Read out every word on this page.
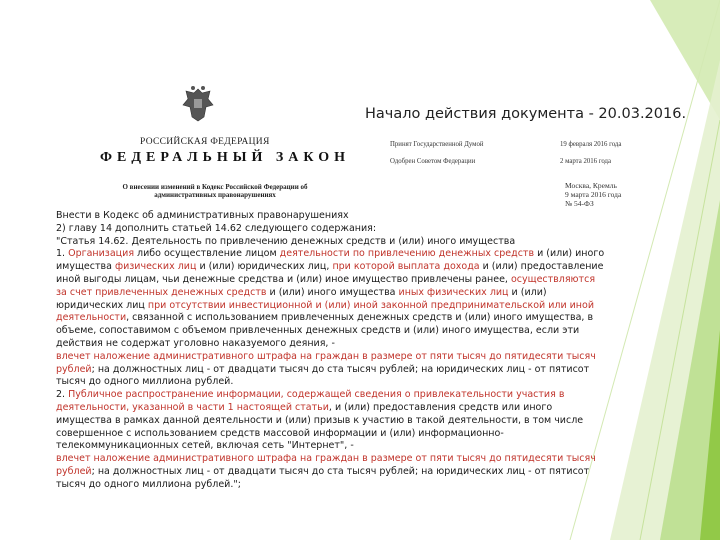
РОССИЙСКАЯ ФЕДЕРАЦИЯ
ФЕДЕРАЛЬНЫЙ ЗАКОН
О внесении изменений в Кодекс Российской Федерации об
административных правонарушениях
Начало действия документа - 20.03.2016.
Принят Государственной Думой	19 февраля 2016 года
Одобрен Советом Федерации	2 марта 2016 года
Москва, Кремль
9 марта 2016 года
№ 54-ФЗ

Внести в Кодекс об административных правонарушениях

2) главу 14 дополнить статьей 14.62 следующего содержания:

"Статья 14.62. Деятельность по привлечению денежных средств и (или) иного имущества

1. Организация либо осуществление лицом деятельности по привлечению денежных средств и (или) иного

имущества физических лиц и (или) юридических лиц, при которой выплата дохода и (или) предоставление

иной выгоды лицам, чьи денежные средства и (или) иное имущество привлечены ранее, осуществляются

за счет привлеченных денежных средств и (или) иного имущества иных физических лиц и (или)

юридических лиц при отсутствии инвестиционной и (или) иной законной предпринимательской или иной

деятельности, связанной с использованием привлеченных денежных средств и (или) иного имущества, в

объеме, сопоставимом с объемом привлеченных денежных средств и (или) иного имущества, если эти

действия не содержат уголовно наказуемого деяния, -

влечет наложение административного штрафа на граждан в размере от пяти тысяч до пятидесяти тысяч

рублей; на должностных лиц - от двадцати тысяч до ста тысяч рублей; на юридических лиц - от пятисот

тысяч до одного миллиона рублей.

2. Публичное распространение информации, содержащей сведения о привлекательности участия в

деятельности, указанной в части 1 настоящей статьи, и (или) предоставления средств или иного

имущества в рамках данной деятельности и (или) призыв к участию в такой деятельности, в том числе

совершенное с использованием средств массовой информации и (или) информационно-

телекоммуникационных сетей, включая сеть "Интернет", -

влечет наложение административного штрафа на граждан в размере от пяти тысяч до пятидесяти тысяч

рублей; на должностных лиц - от двадцати тысяч до ста тысяч рублей; на юридических лиц - от пятисот

тысяч до одного миллиона рублей.";
